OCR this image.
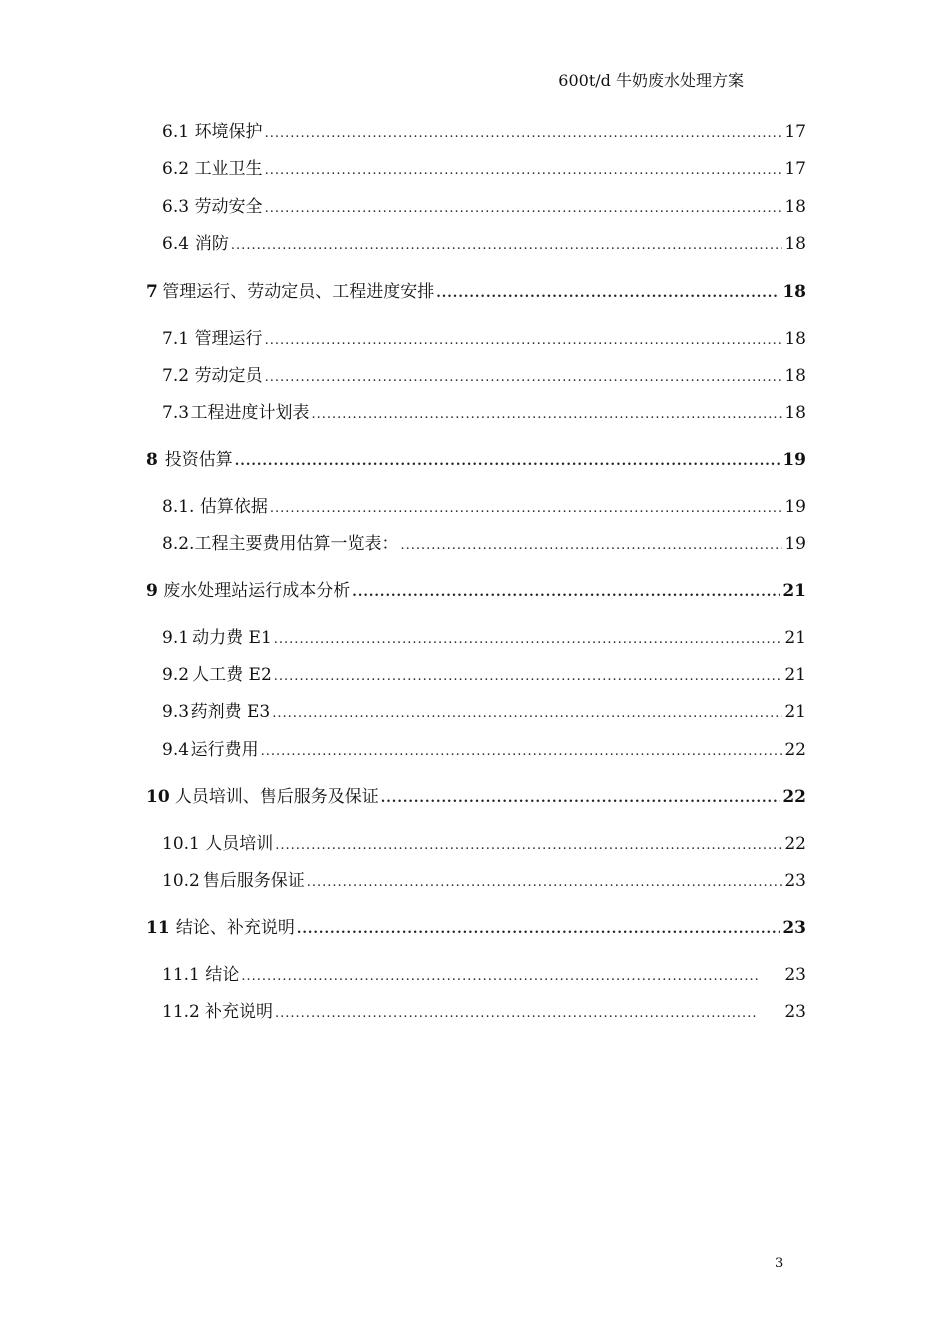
600t/d 牛奶废水处理方案
6.1 环境保护 .....	17
6.2 工业卫生 .....	17
6.3 劳动安全 .....	18
6.4 消防 .....	18
7 管理运行、劳动定员、工程进度安排 .....	18
7.1 管理运行 .....	18
7.2 劳动定员 .....	18
7.3 工程进度计划表 .....	18
8 投资估算 .....	19
8.1. 估算依据 .....	19
8.2. 工程主要费用估算一览表： .....	19
9 废水处理站运行成本分析 .....	21
9.1 动力费 E1 .....	21
9.2 人工费 E2 .....	21
9.3 药剂费 E3 .....	21
9.4 运行费用 .....	22
10 人员培训、售后服务及保证 .....	22
10.1 人员培训 .....	22
10.2 售后服务保证 .....	23
11 结论、补充说明 .....	23
11.1 结论 .....	23
11.2 补充说明 .....	23
3
